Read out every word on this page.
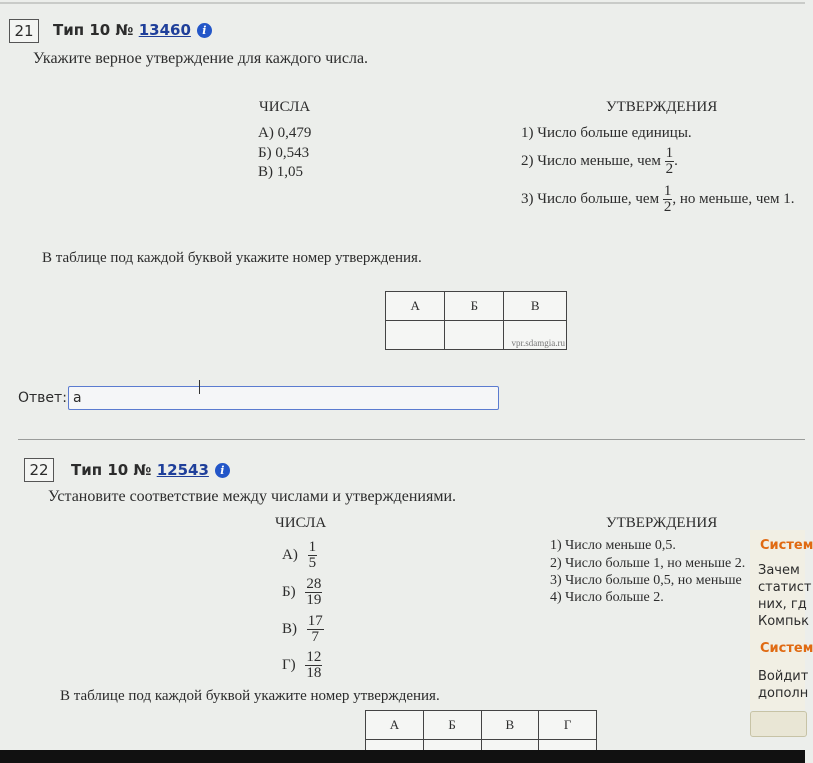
21	Тип 10 № 13460 i
Укажите верное утверждение для каждого числа.
ЧИСЛА	УТВЕРЖДЕНИЯ
А) 0,479
Б) 0,543
В) 1,05
1) Число больше единицы.
2) Число меньше, чем $\frac{1}{2}$ .
3) Число больше, чем $\frac{1}{2}$ , но меньше, чем 1.
В таблице под каждой буквой укажите номер утверждения.
А	Б	В
		vpr.sdamgia.ru
Ответ: a
22	Тип 10 № 12543 i
Установите соответствие между числами и утверждениями.
ЧИСЛА	УТВЕРЖДЕНИЯ
$А) \frac{1}{5}$
$Б) \frac{28}{19}$
$В) \frac{17}{7}$
$Г) \frac{12}{18}$
1) Число меньше 0,5.
2) Число больше 1, но меньше 2.
3) Число больше 0,5, но меньше
4) Число больше 2.
В таблице под каждой буквой укажите номер утверждения.
А	Б	В	Г

Систем
Зачем
статист
них, гд
Компьк
Систем
Войдит
дополн
